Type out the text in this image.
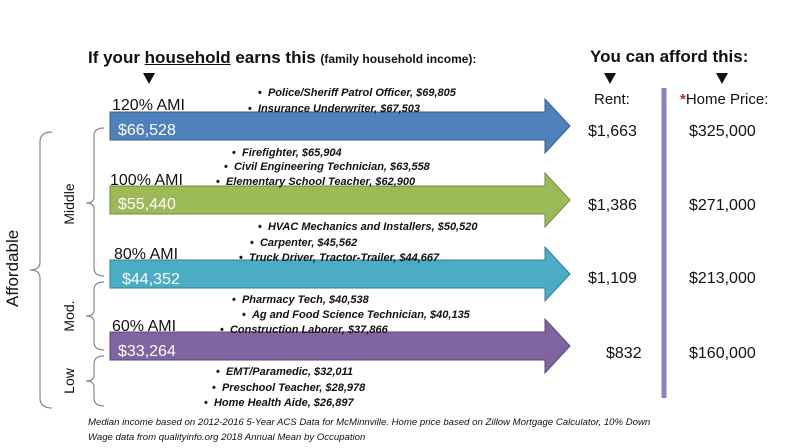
If your household earns this (family household income):	You can afford this:
Rent:	*Home Price:
Affordable
Middle
Mod.
Low
120% AMI
•  Police/Sheriff Patrol Officer, $69,805
•  Insurance Underwriter, $67,503
$66,528	$1,663	$325,000
•  Firefighter, $65,904
•  Civil Engineering Technician, $63,558
•  Elementary School Teacher, $62,900
100% AMI
$55,440	$1,386	$271,000
•  HVAC Mechanics and Installers, $50,520
•  Carpenter, $45,562
•  Truck Driver, Tractor-Trailer, $44,667
80% AMI
$44,352	$1,109	$213,000
•  Pharmacy Tech, $40,538
•  Ag and Food Science Technician, $40,135
•  Construction Laborer, $37,866
60% AMI
$33,264	$832	$160,000
•  EMT/Paramedic, $32,011
•  Preschool Teacher, $28,978
•  Home Health Aide, $26,897
Median income based on 2012-2016 5-Year ACS Data for McMinnville. Home price based on Zillow Mortgage Calculator, 10% Down
Wage data from qualityinfo.org 2018 Annual Mean by Occupation
